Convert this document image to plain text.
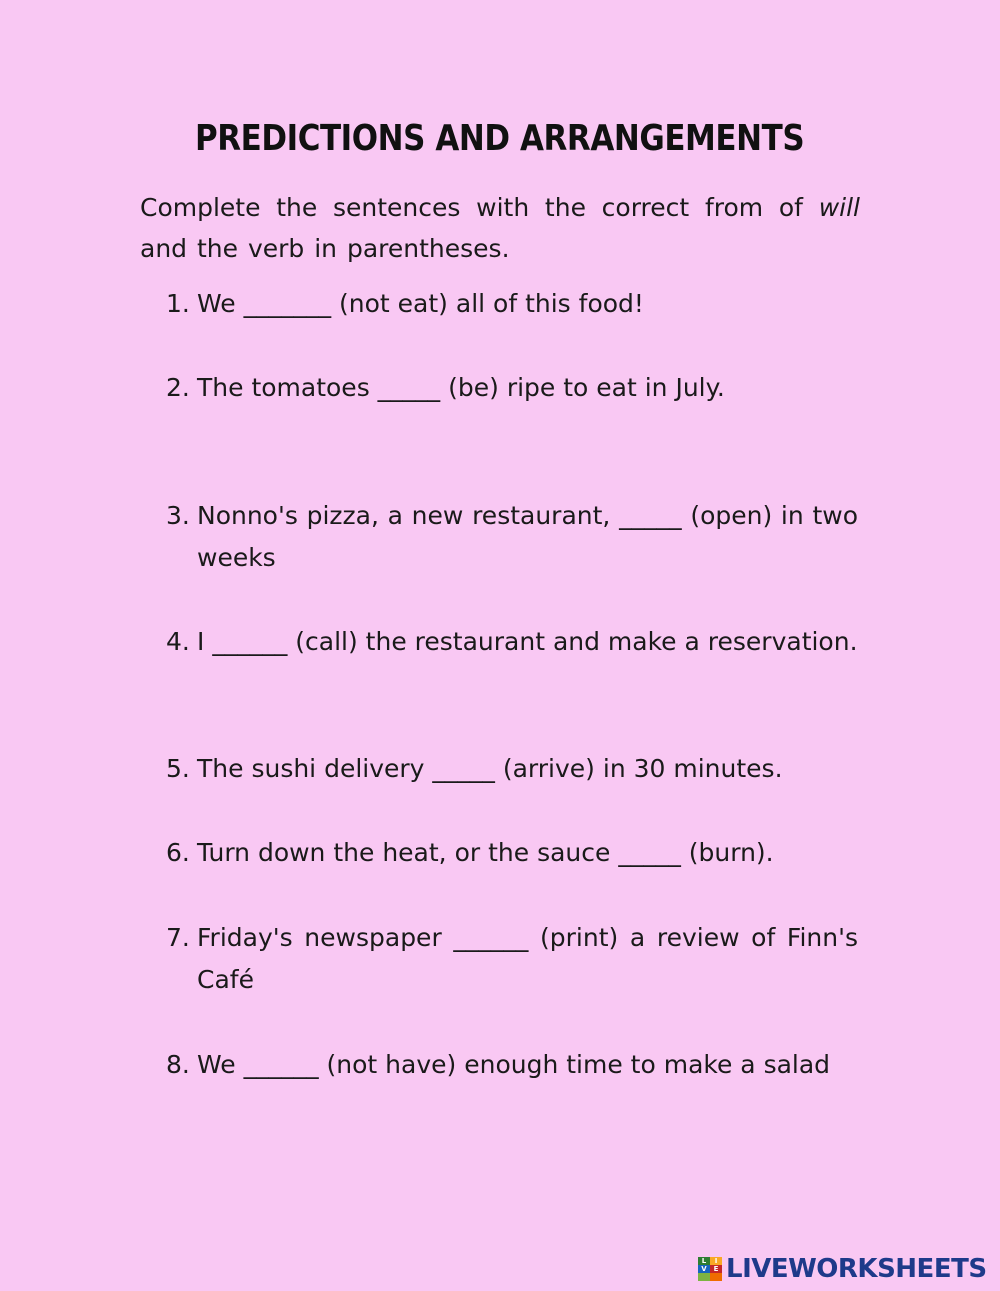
PREDICTIONS AND ARRANGEMENTS
Complete the sentences with the correct from of will and the verb in parentheses.
1. We _______ (not eat) all of this food!
2. The tomatoes _____ (be) ripe to eat in July.
3. Nonno's pizza, a new restaurant, _____ (open) in two weeks
4. I ______ (call) the restaurant and make a reservation.
5. The sushi delivery _____ (arrive) in 30 minutes.
6. Turn down the heat, or the sauce _____ (burn).
7. Friday's newspaper ______ (print) a review of Finn's Café
8. We ______ (not have) enough time to make a salad
L	I
V E LIVEWORKSHEETS
